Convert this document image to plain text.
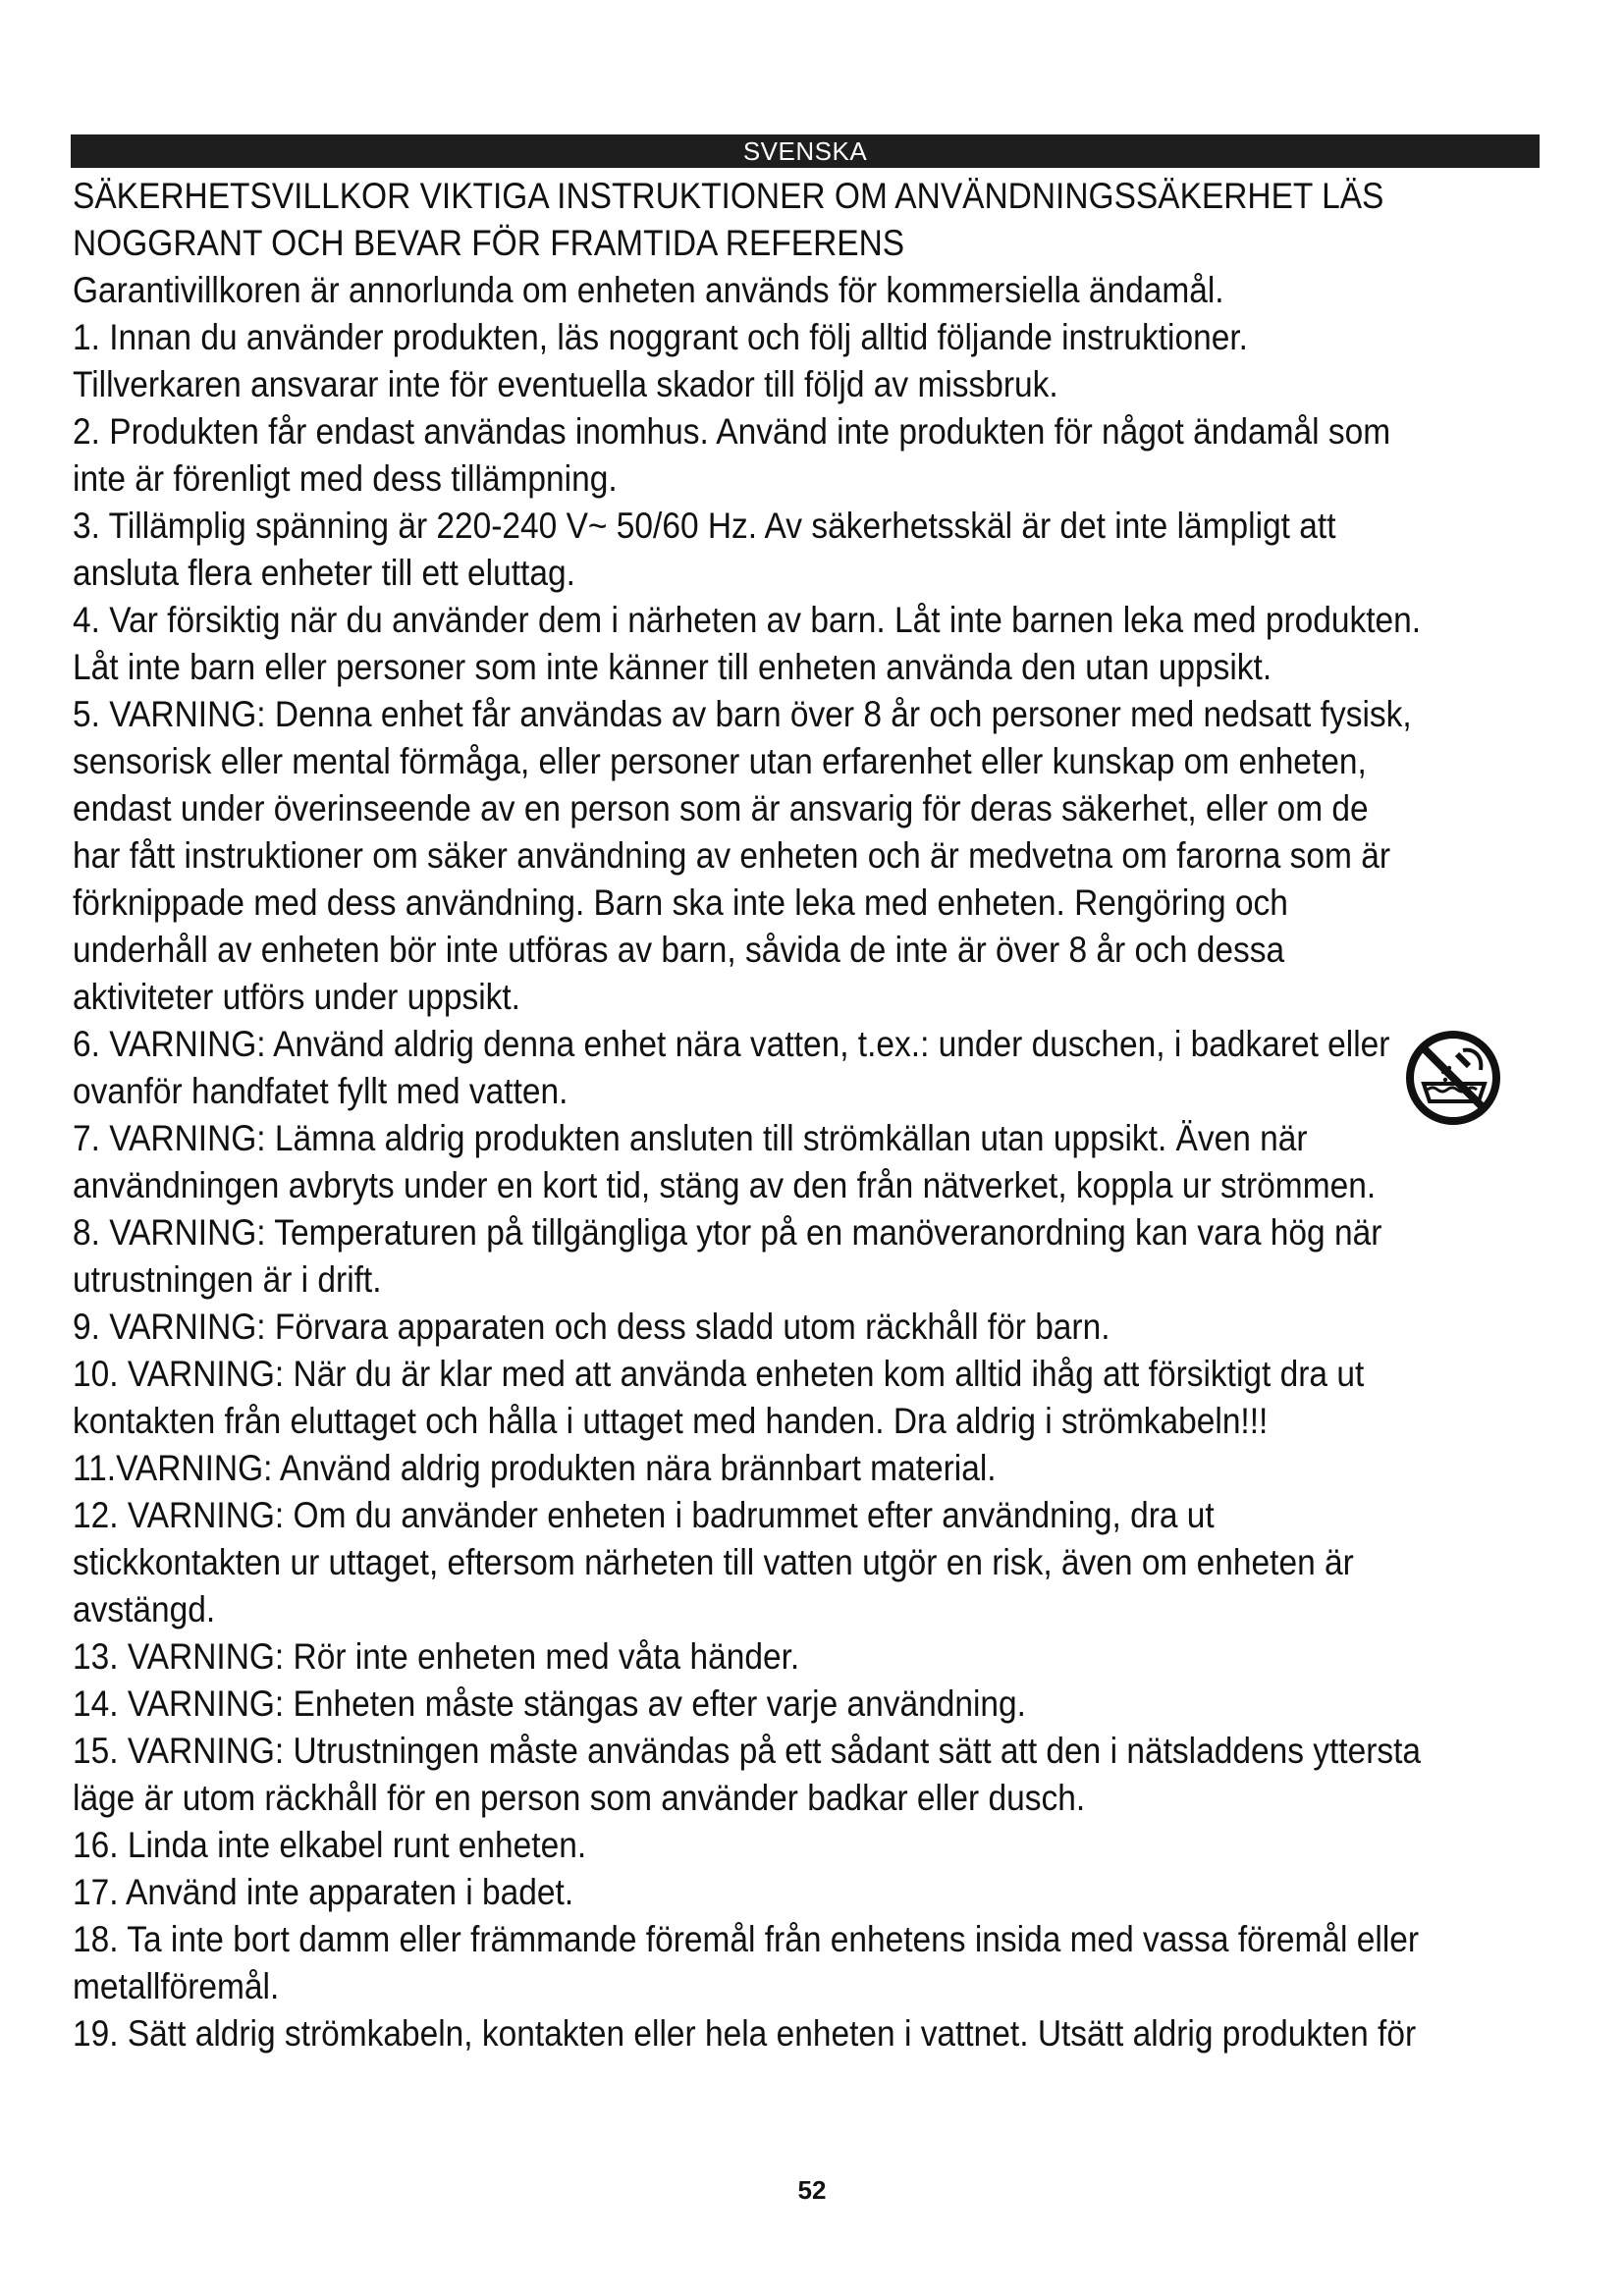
SVENSKA

SÄKERHETSVILLKOR VIKTIGA INSTRUKTIONER OM ANVÄNDNINGSSÄKERHET LÄS NOGGRANT OCH BEVAR FÖR FRAMTIDA REFERENS

Garantivillkoren är annorlunda om enheten används för kommersiella ändamål.

1. Innan du använder produkten, läs noggrant och följ alltid följande instruktioner. Tillverkaren ansvarar inte för eventuella skador till följd av missbruk.

2. Produkten får endast användas inomhus. Använd inte produkten för något ändamål som inte är förenligt med dess tillämpning.

3. Tillämplig spänning är 220-240 V~ 50/60 Hz. Av säkerhetsskäl är det inte lämpligt att ansluta flera enheter till ett eluttag.

4. Var försiktig när du använder dem i närheten av barn. Låt inte barnen leka med produkten. Låt inte barn eller personer som inte känner till enheten använda den utan uppsikt.

5. VARNING: Denna enhet får användas av barn över 8 år och personer med nedsatt fysisk, sensorisk eller mental förmåga, eller personer utan erfarenhet eller kunskap om enheten, endast under överinseende av en person som är ansvarig för deras säkerhet, eller om de har fått instruktioner om säker användning av enheten och är medvetna om farorna som är förknippade med dess användning. Barn ska inte leka med enheten. Rengöring och underhåll av enheten bör inte utföras av barn, såvida de inte är över 8 år och dessa aktiviteter utförs under uppsikt.

6. VARNING: Använd aldrig denna enhet nära vatten, t.ex.: under duschen, i badkaret eller ovanför handfatet fyllt med vatten.

7. VARNING: Lämna aldrig produkten ansluten till strömkällan utan uppsikt. Även när användningen avbryts under en kort tid, stäng av den från nätverket, koppla ur strömmen.

8. VARNING: Temperaturen på tillgängliga ytor på en manöveranordning kan vara hög när utrustningen är i drift.

9. VARNING: Förvara apparaten och dess sladd utom räckhåll för barn.

10. VARNING: När du är klar med att använda enheten kom alltid ihåg att försiktigt dra ut kontakten från eluttaget och hålla i uttaget med handen. Dra aldrig i strömkabeln!!!

11.VARNING: Använd aldrig produkten nära brännbart material.

12. VARNING: Om du använder enheten i badrummet efter användning, dra ut stickkontakten ur uttaget, eftersom närheten till vatten utgör en risk, även om enheten är avstängd.

13. VARNING: Rör inte enheten med våta händer.

14. VARNING: Enheten måste stängas av efter varje användning.

15. VARNING: Utrustningen måste användas på ett sådant sätt att den i nätsladdens yttersta läge är utom räckhåll för en person som använder badkar eller dusch.

16. Linda inte elkabel runt enheten.

17. Använd inte apparaten i badet.

18. Ta inte bort damm eller främmande föremål från enhetens insida med vassa föremål eller metallföremål.

19. Sätt aldrig strömkabeln, kontakten eller hela enheten i vattnet. Utsätt aldrig produkten för

52
